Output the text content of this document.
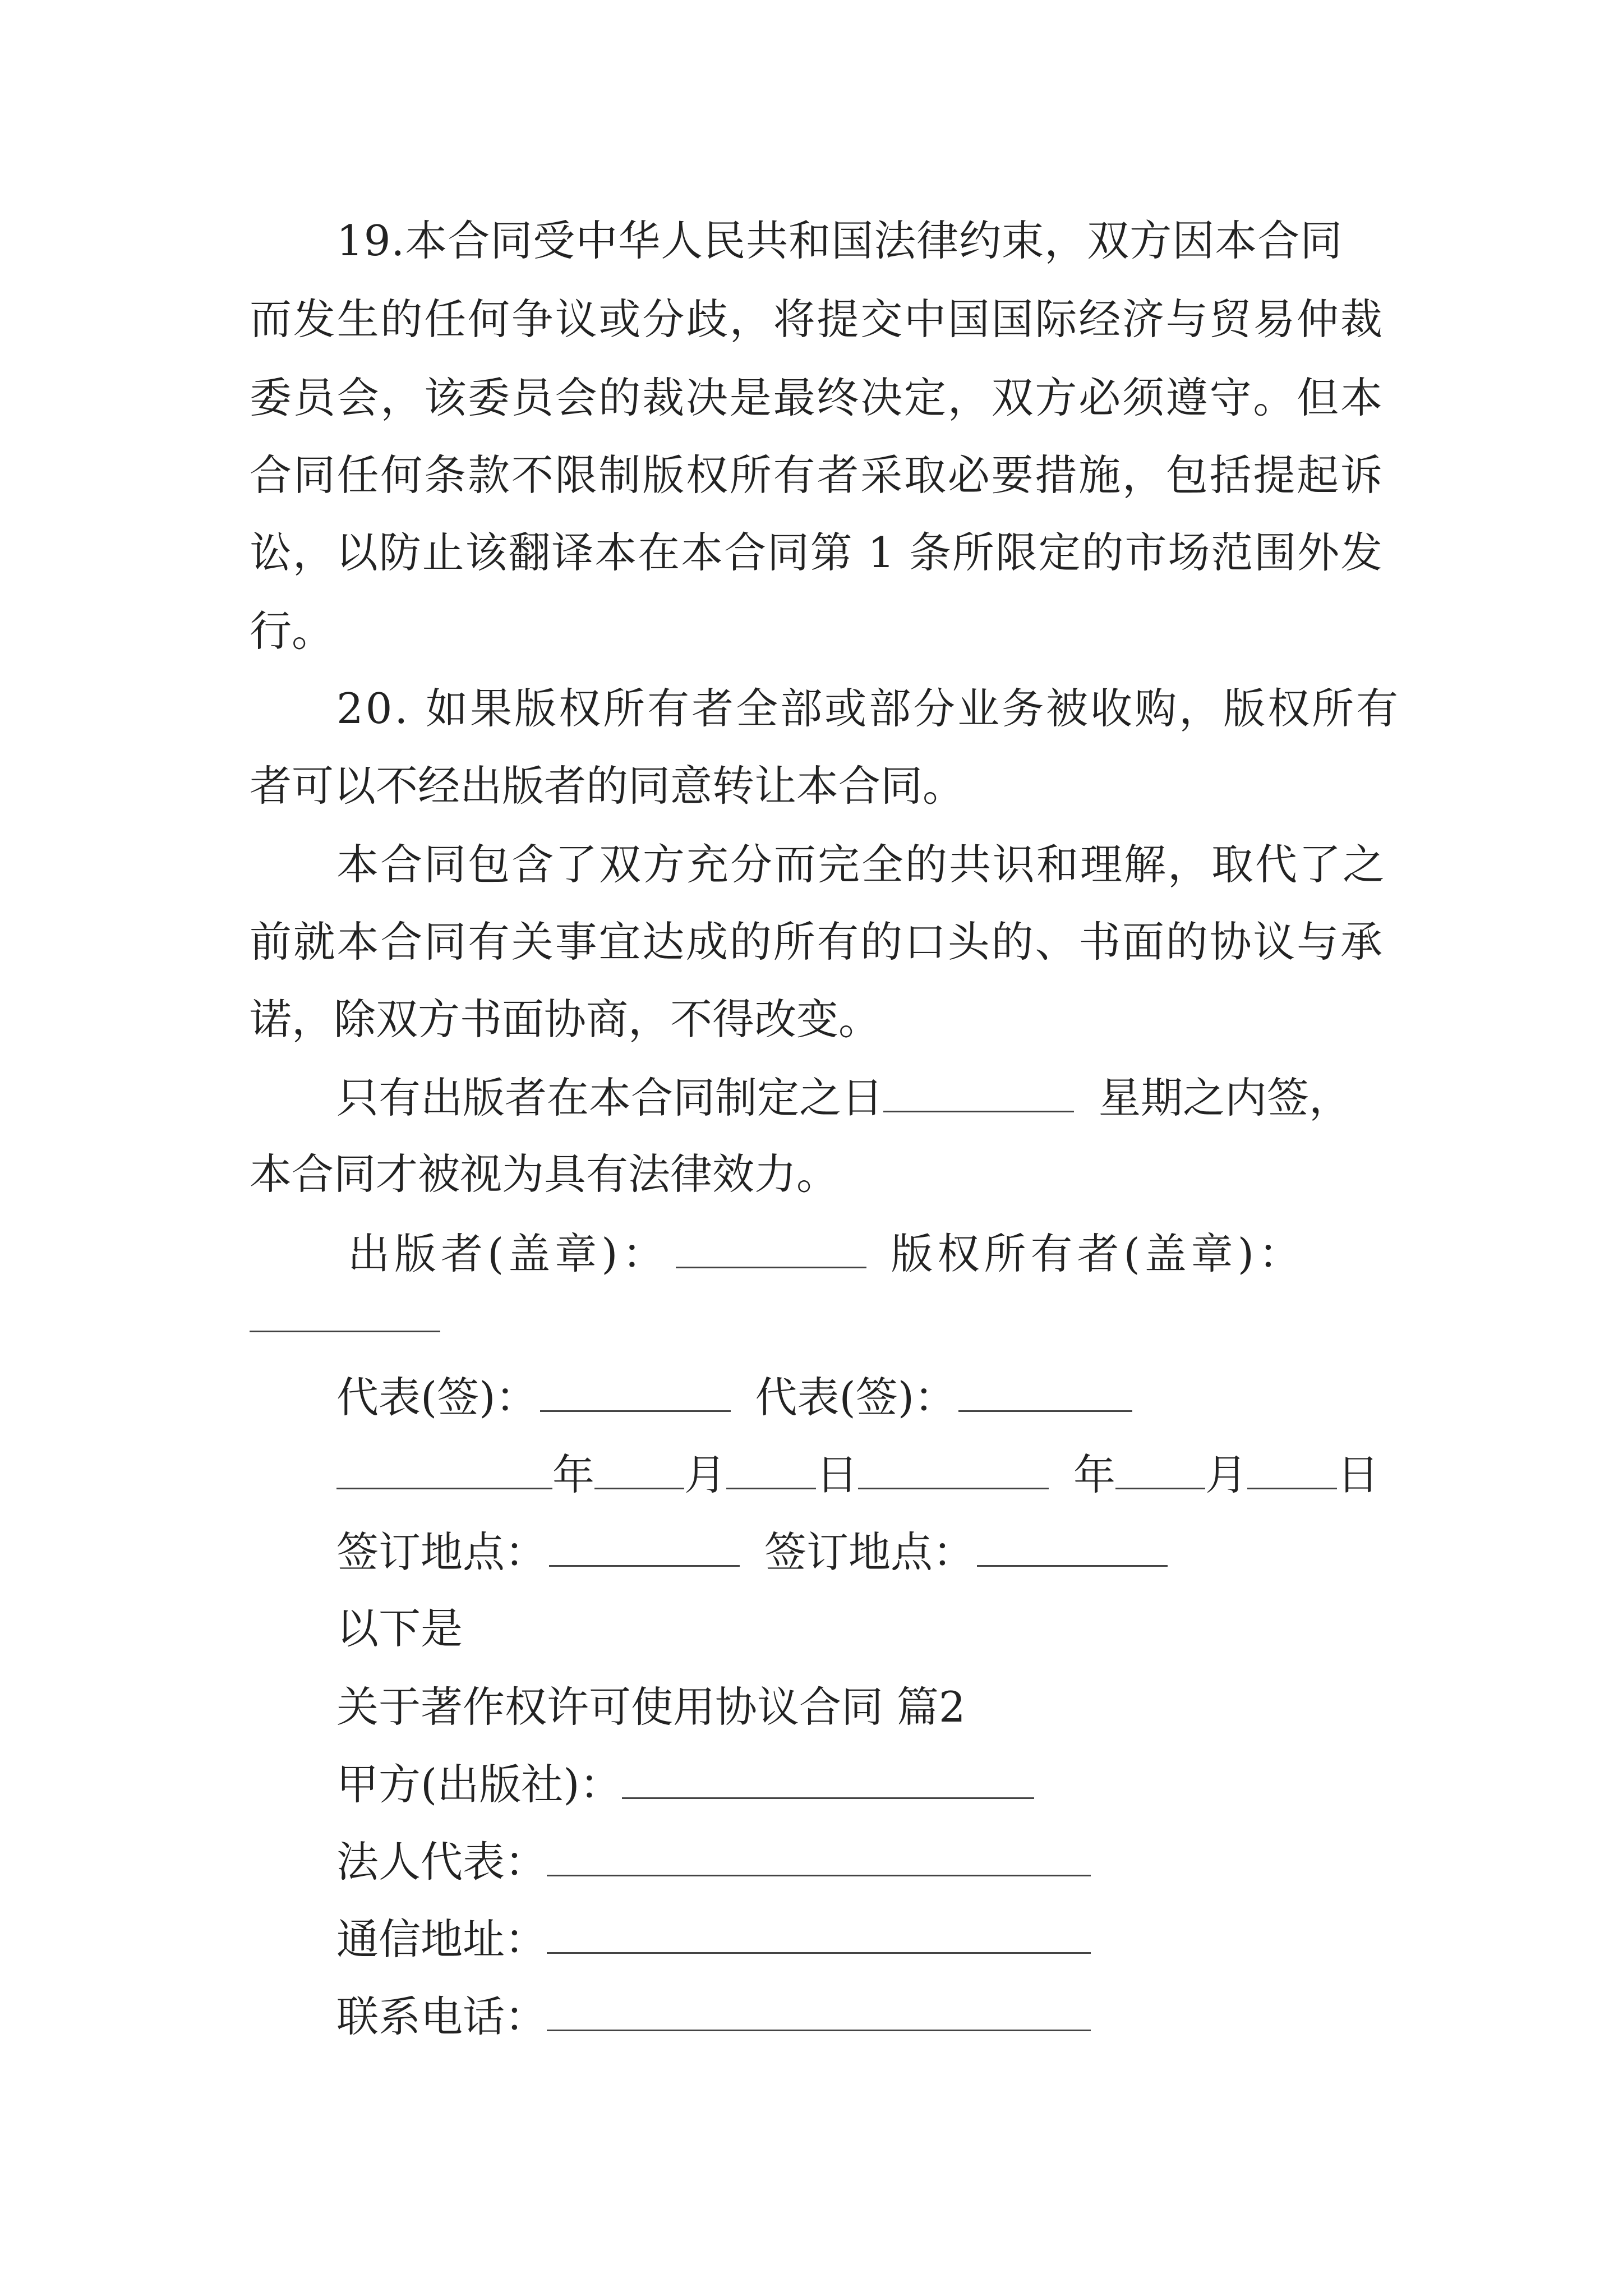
19.本合同受中华人民共和国法律约束，双方因本合同
而发生的任何争议或分歧，将提交中国国际经济与贸易仲裁
委员会，该委员会的裁决是最终决定，双方必须遵守。但本
合同任何条款不限制版权所有者采取必要措施，包括提起诉
讼，以防止该翻译本在本合同第 1 条所限定的市场范围外发
行。
20. 如果版权所有者全部或部分业务被收购，版权所有
者可以不经出版者的同意转让本合同。
本合同包含了双方充分而完全的共识和理解，取代了之
前就本合同有关事宜达成的所有的口头的、书面的协议与承
诺，除双方书面协商，不得改变。
只有出版者在本合同制定之日	星期之内签，
本合同才被视为具有法律效力。
出版者(盖章)：	版权所有者(盖章)：
代表(签)：	代表(签)：
年 月 日	年 月 日
签订地点：	签订地点：
以下是
关于著作权许可使用协议合同 篇2
甲方(出版社)：
法人代表：
通信地址：
联系电话：
